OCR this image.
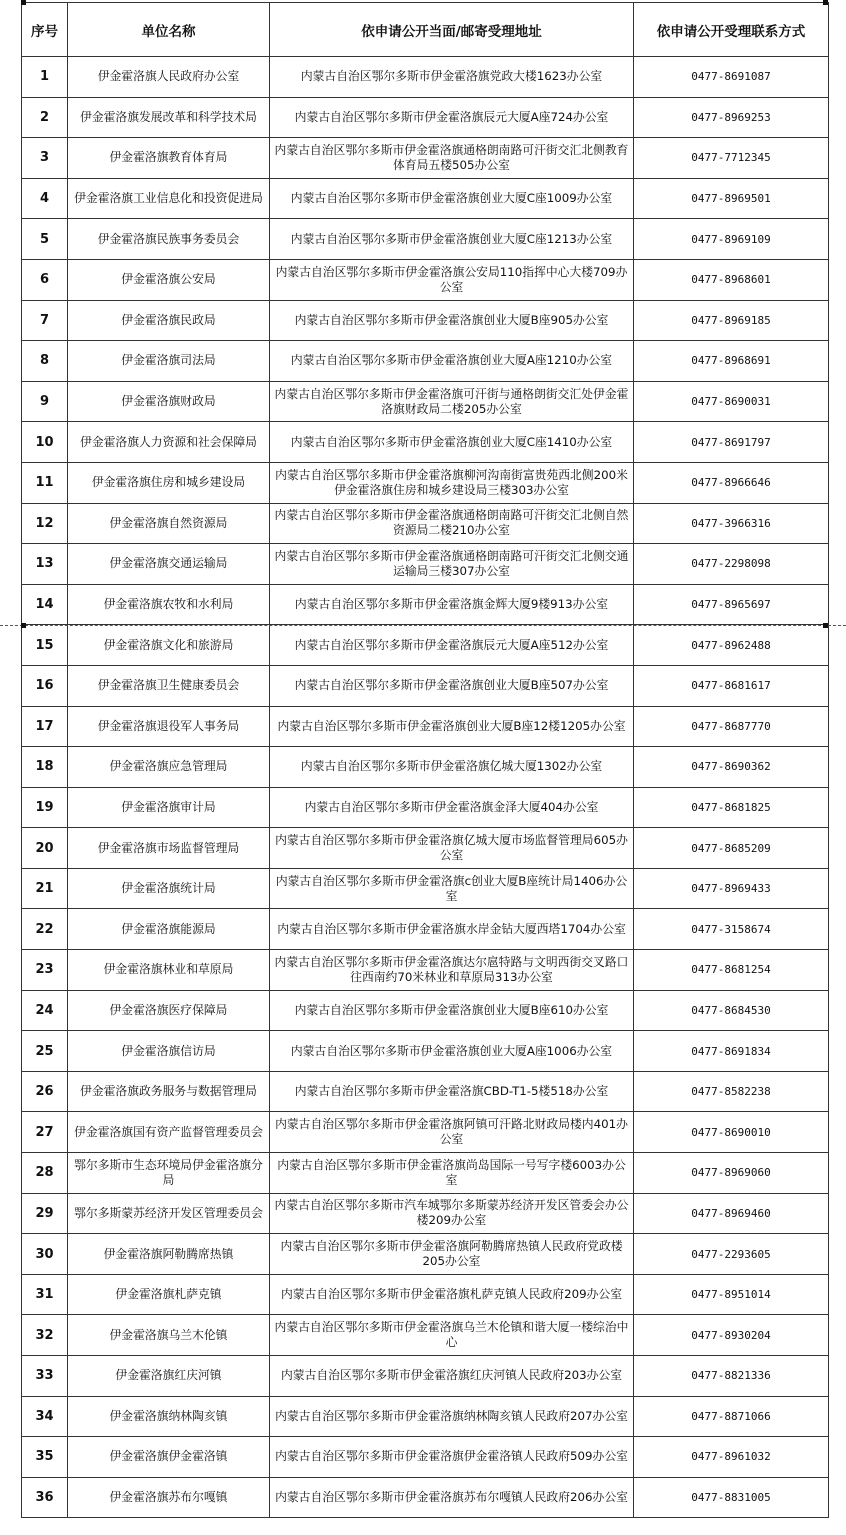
序号	单位名称	依申请公开当面/邮寄受理地址	依申请公开受理联系方式
1	伊金霍洛旗人民政府办公室	内蒙古自治区鄂尔多斯市伊金霍洛旗党政大楼1623办公室	0477-8691087
2	伊金霍洛旗发展改革和科学技术局	内蒙古自治区鄂尔多斯市伊金霍洛旗辰元大厦A座724办公室	0477-8969253
3	伊金霍洛旗教育体育局	内蒙古自治区鄂尔多斯市伊金霍洛旗通格朗南路可汗街交汇北侧教育体育局五楼505办公室	0477-7712345
4	伊金霍洛旗工业信息化和投资促进局	内蒙古自治区鄂尔多斯市伊金霍洛旗创业大厦C座1009办公室	0477-8969501
5	伊金霍洛旗民族事务委员会	内蒙古自治区鄂尔多斯市伊金霍洛旗创业大厦C座1213办公室	0477-8969109
6	伊金霍洛旗公安局	内蒙古自治区鄂尔多斯市伊金霍洛旗公安局110指挥中心大楼709办公室	0477-8968601
7	伊金霍洛旗民政局	内蒙古自治区鄂尔多斯市伊金霍洛旗创业大厦B座905办公室	0477-8969185
8	伊金霍洛旗司法局	内蒙古自治区鄂尔多斯市伊金霍洛旗创业大厦A座1210办公室	0477-8968691
9	伊金霍洛旗财政局	内蒙古自治区鄂尔多斯市伊金霍洛旗可汗街与通格朗街交汇处伊金霍洛旗财政局二楼205办公室	0477-8690031
10	伊金霍洛旗人力资源和社会保障局	内蒙古自治区鄂尔多斯市伊金霍洛旗创业大厦C座1410办公室	0477-8691797
11	伊金霍洛旗住房和城乡建设局	内蒙古自治区鄂尔多斯市伊金霍洛旗柳河沟南街富贵苑西北侧200米伊金霍洛旗住房和城乡建设局三楼303办公室	0477-8966646
12	伊金霍洛旗自然资源局	内蒙古自治区鄂尔多斯市伊金霍洛旗通格朗南路可汗街交汇北侧自然资源局二楼210办公室	0477-3966316
13	伊金霍洛旗交通运输局	内蒙古自治区鄂尔多斯市伊金霍洛旗通格朗南路可汗街交汇北侧交通运输局三楼307办公室	0477-2298098
14	伊金霍洛旗农牧和水利局	内蒙古自治区鄂尔多斯市伊金霍洛旗金辉大厦9楼913办公室	0477-8965697
15	伊金霍洛旗文化和旅游局	内蒙古自治区鄂尔多斯市伊金霍洛旗辰元大厦A座512办公室	0477-8962488
16	伊金霍洛旗卫生健康委员会	内蒙古自治区鄂尔多斯市伊金霍洛旗创业大厦B座507办公室	0477-8681617
17	伊金霍洛旗退役军人事务局	内蒙古自治区鄂尔多斯市伊金霍洛旗创业大厦B座12楼1205办公室	0477-8687770
18	伊金霍洛旗应急管理局	内蒙古自治区鄂尔多斯市伊金霍洛旗亿城大厦1302办公室	0477-8690362
19	伊金霍洛旗审计局	内蒙古自治区鄂尔多斯市伊金霍洛旗金泽大厦404办公室	0477-8681825
20	伊金霍洛旗市场监督管理局	内蒙古自治区鄂尔多斯市伊金霍洛旗亿城大厦市场监督管理局605办公室	0477-8685209
21	伊金霍洛旗统计局	内蒙古自治区鄂尔多斯市伊金霍洛旗c创业大厦B座统计局1406办公室	0477-8969433
22	伊金霍洛旗能源局	内蒙古自治区鄂尔多斯市伊金霍洛旗水岸金钻大厦西塔1704办公室	0477-3158674
23	伊金霍洛旗林业和草原局	内蒙古自治区鄂尔多斯市伊金霍洛旗达尔扈特路与文明西街交叉路口往西南约70米林业和草原局313办公室	0477-8681254
24	伊金霍洛旗医疗保障局	内蒙古自治区鄂尔多斯市伊金霍洛旗创业大厦B座610办公室	0477-8684530
25	伊金霍洛旗信访局	内蒙古自治区鄂尔多斯市伊金霍洛旗创业大厦A座1006办公室	0477-8691834
26	伊金霍洛旗政务服务与数据管理局	内蒙古自治区鄂尔多斯市伊金霍洛旗CBD-T1-5楼518办公室	0477-8582238
27	伊金霍洛旗国有资产监督管理委员会	内蒙古自治区鄂尔多斯市伊金霍洛旗阿镇可汗路北财政局楼内401办公室	0477-8690010
28	鄂尔多斯市生态环境局伊金霍洛旗分局	内蒙古自治区鄂尔多斯市伊金霍洛旗尚岛国际一号写字楼6003办公室	0477-8969060
29	鄂尔多斯蒙苏经济开发区管理委员会	内蒙古自治区鄂尔多斯市汽车城鄂尔多斯蒙苏经济开发区管委会办公楼209办公室	0477-8969460
30	伊金霍洛旗阿勒腾席热镇	内蒙古自治区鄂尔多斯市伊金霍洛旗阿勒腾席热镇人民政府党政楼205办公室	0477-2293605
31	伊金霍洛旗札萨克镇	内蒙古自治区鄂尔多斯市伊金霍洛旗札萨克镇人民政府209办公室	0477-8951014
32	伊金霍洛旗乌兰木伦镇	内蒙古自治区鄂尔多斯市伊金霍洛旗乌兰木伦镇和谐大厦一楼综治中心	0477-8930204
33	伊金霍洛旗红庆河镇	内蒙古自治区鄂尔多斯市伊金霍洛旗红庆河镇人民政府203办公室	0477-8821336
34	伊金霍洛旗纳林陶亥镇	内蒙古自治区鄂尔多斯市伊金霍洛旗纳林陶亥镇人民政府207办公室	0477-8871066
35	伊金霍洛旗伊金霍洛镇	内蒙古自治区鄂尔多斯市伊金霍洛旗伊金霍洛镇人民政府509办公室	0477-8961032
36	伊金霍洛旗苏布尔嘎镇	内蒙古自治区鄂尔多斯市伊金霍洛旗苏布尔嘎镇人民政府206办公室	0477-8831005
